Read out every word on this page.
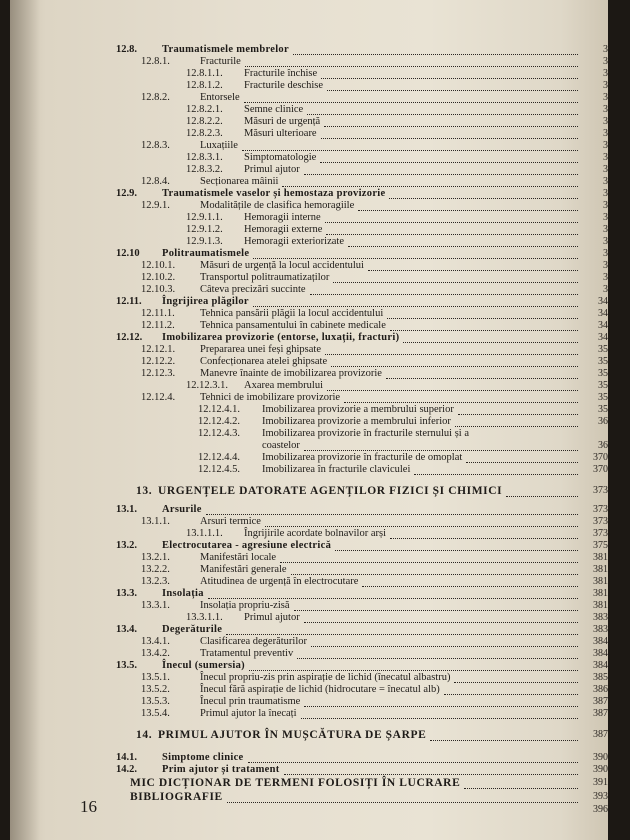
12.8. Traumatismele membrelor	3
12.8.1.	Fracturile	3
12.8.1.1. Fracturile închise	3
12.8.1.2. Fracturile deschise	3
12.8.2.	Entorsele	3
12.8.2.1. Semne clinice	3
12.8.2.2. Măsuri de urgență	3
12.8.2.3. Măsuri ulterioare	3
12.8.3.	Luxațiile	3
12.8.3.1. Simptomatologie	3
12.8.3.2. Primul ajutor	3
12.8.4.	Secționarea mâinii	3
12.9. Traumatismele vaselor și hemostaza provizorie	3
12.9.1.	Modalitățile de clasifica hemoragiile	3
12.9.1.1. Hemoragii interne	3
12.9.1.2. Hemoragii externe	3
12.9.1.3. Hemoragii exteriorizate	3
12.10 Politraumatismele	3
12.10.1. Măsuri de urgență la locul accidentului	3
12.10.2. Transportul politraumatizaților	3
12.10.3. Câteva precizări succinte	3
12.11. Îngrijirea plăgilor	34
12.11.1. Tehnica pansării plăgii la locul accidentului	34
12.11.2. Tehnica pansamentului în cabinete medicale	34
12.12. Imobilizarea provizorie (entorse, luxații, fracturi)	34
12.12.1. Prepararea unei feși ghipsate	35
12.12.2. Confecționarea atelei ghipsate	35
12.12.3. Manevre înainte de imobilizarea provizorie	35
12.12.3.1. Axarea membrului	35
12.12.4. Tehnici de imobilizare provizorie	35
12.12.4.1. Imobilizarea provizorie a membrului superior	35
12.12.4.2. Imobilizarea provizorie a membrului inferior	36
12.12.4.3. Imobilizarea provizorie în fracturile sternului și a
coastelor	36
12.12.4.4. Imobilizarea provizorie în fracturile de omoplat	370
12.12.4.5. Imobilizarea în fracturile claviculei	370
13. URGENȚELE DATORATE AGENȚILOR FIZICI ȘI CHIMICI	373
13.1. Arsurile	373
13.1.1.	Arsuri termice	373
13.1.1.1. Îngrijirile acordate bolnavilor arși	373
13.2. Electrocutarea - agresiune electrică	375
13.2.1.	Manifestări locale	381
13.2.2.	Manifestări generale	381
13.2.3.	Atitudinea de urgență în electrocutare	381
13.3. Insolația	381
13.3.1.	Insolația propriu-zisă	381
13.3.1.1. Primul ajutor	383
13.4. Degerăturile	383
13.4.1.	Clasificarea degerăturilor	384
13.4.2.	Tratamentul preventiv	384
13.5. Înecul (sumersia)	384
13.5.1.	Înecul propriu-zis prin aspirație de lichid (înecatul albastru)	385
13.5.2.	Înecul fără aspirație de lichid (hidrocutare = înecatul alb)	386
13.5.3.	Înecul prin traumatisme	387
13.5.4.	Primul ajutor la înecați	387
14. PRIMUL AJUTOR ÎN MUȘCĂTURA DE ȘARPE	387
14.1. Simptome clinice	390
14.2. Prim ajutor și tratament	390
MIC DICȚIONAR DE TERMENI FOLOSIȚI ÎN LUCRARE	391
BIBLIOGRAFIE	393
396
16
